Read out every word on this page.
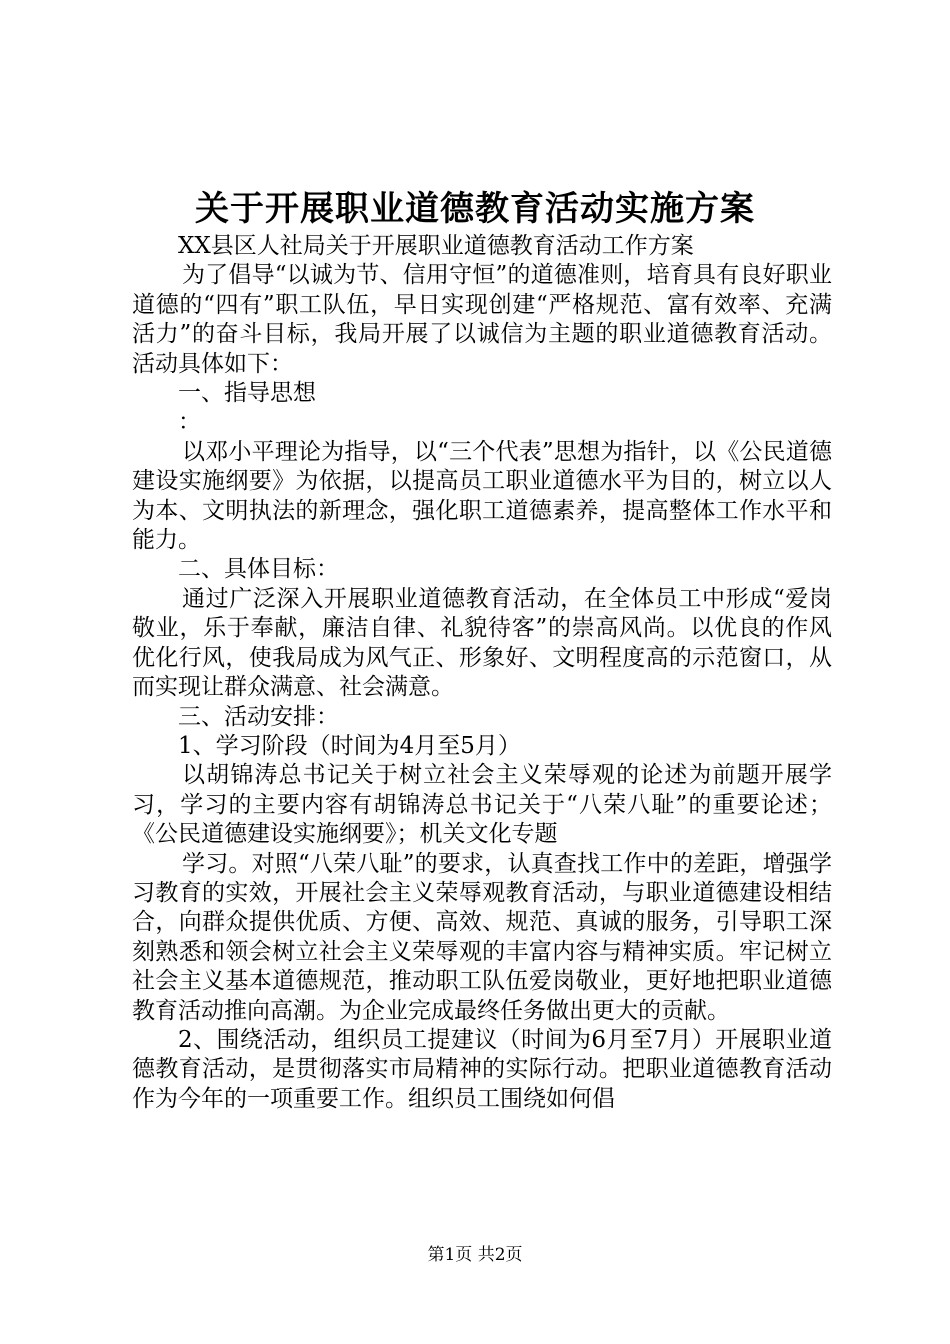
关于开展职业道德教育活动实施方案

XX县区人社局关于开展职业道德教育活动工作方案

为了倡导“以诚为节、信用守恒”的道德准则，培育具有良好职业道德的“四有”职工队伍，早日实现创建“严格规范、富有效率、充满活力”的奋斗目标，我局开展了以诚信为主题的职业道德教育活动。活动具体如下：

一、指导思想

：

以邓小平理论为指导，以“三个代表”思想为指针，以《公民道德建设实施纲要》为依据，以提高员工职业道德水平为目的，树立以人为本、文明执法的新理念，强化职工道德素养，提高整体工作水平和能力。

二、具体目标：

通过广泛深入开展职业道德教育活动，在全体员工中形成“爱岗敬业，乐于奉献，廉洁自律、礼貌待客”的崇高风尚。以优良的作风优化行风，使我局成为风气正、形象好、文明程度高的示范窗口，从而实现让群众满意、社会满意。

三、活动安排：

1、学习阶段（时间为4月至5月）

以胡锦涛总书记关于树立社会主义荣辱观的论述为前题开展学习，学习的主要内容有胡锦涛总书记关于“八荣八耻”的重要论述；《公民道德建设实施纲要》；机关文化专题

学习。对照“八荣八耻”的要求，认真查找工作中的差距，增强学习教育的实效，开展社会主义荣辱观教育活动，与职业道德建设相结合，向群众提供优质、方便、高效、规范、真诚的服务，引导职工深刻熟悉和领会树立社会主义荣辱观的丰富内容与精神实质。牢记树立社会主义基本道德规范，推动职工队伍爱岗敬业，更好地把职业道德教育活动推向高潮。为企业完成最终任务做出更大的贡献。

2、围绕活动，组织员工提建议（时间为6月至7月）开展职业道德教育活动，是贯彻落实市局精神的实际行动。把职业道德教育活动作为今年的一项重要工作。组织员工围绕如何倡

第1页 共2页
